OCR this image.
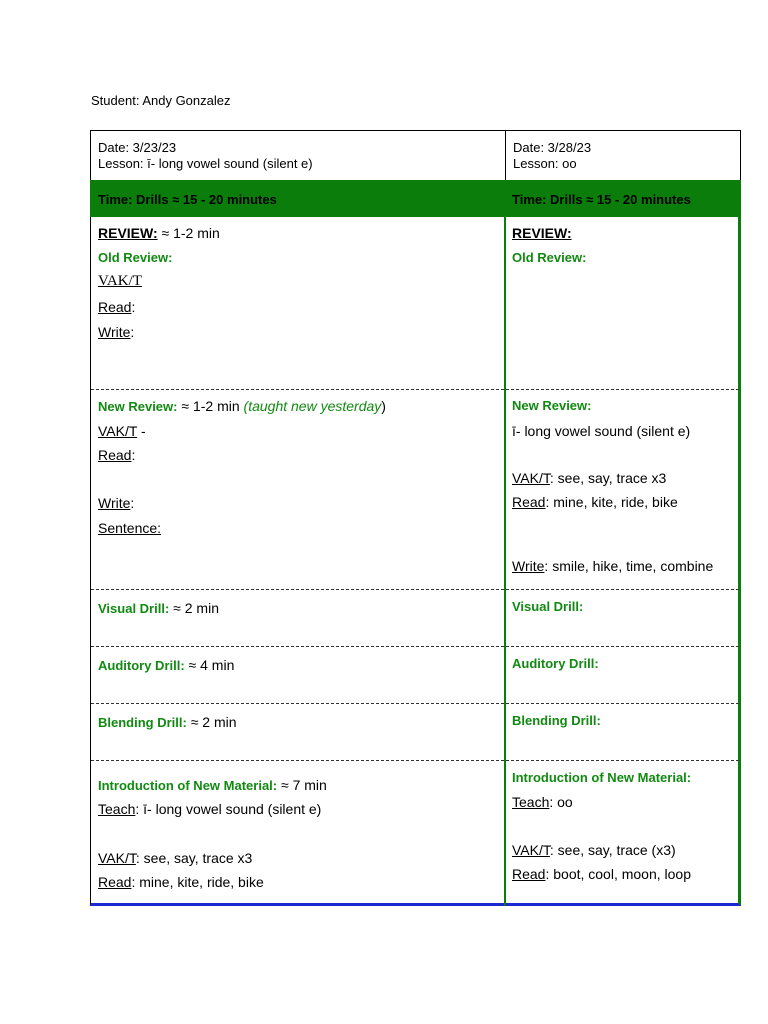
Student: Andy Gonzalez
Date: 3/23/23
Lesson: ī- long vowel sound (silent e)
Date: 3/28/23
Lesson: oo
Time: Drills ≈ 15 - 20 minutes	Time: Drills ≈ 15 - 20 minutes
REVIEW: ≈ 1-2 min
Old Review:
VAK/T
Read:
Write:
New Review: ≈ 1-2 min (taught new yesterday)
VAK/T -
Read:
Write:
Sentence:
Visual Drill: ≈ 2 min
Auditory Drill: ≈ 4 min
Blending Drill: ≈ 2 min
Introduction of New Material: ≈ 7 min
Teach: ī- long vowel sound (silent e)
VAK/T: see, say, trace x3
Read: mine, kite, ride, bike
REVIEW:
Old Review:
New Review:
ī- long vowel sound (silent e)
VAK/T: see, say, trace x3
Read: mine, kite, ride, bike
Write: smile, hike, time, combine
Visual Drill:
Auditory Drill:
Blending Drill:
Introduction of New Material:
Teach: oo
VAK/T: see, say, trace (x3)
Read: boot, cool, moon, loop
